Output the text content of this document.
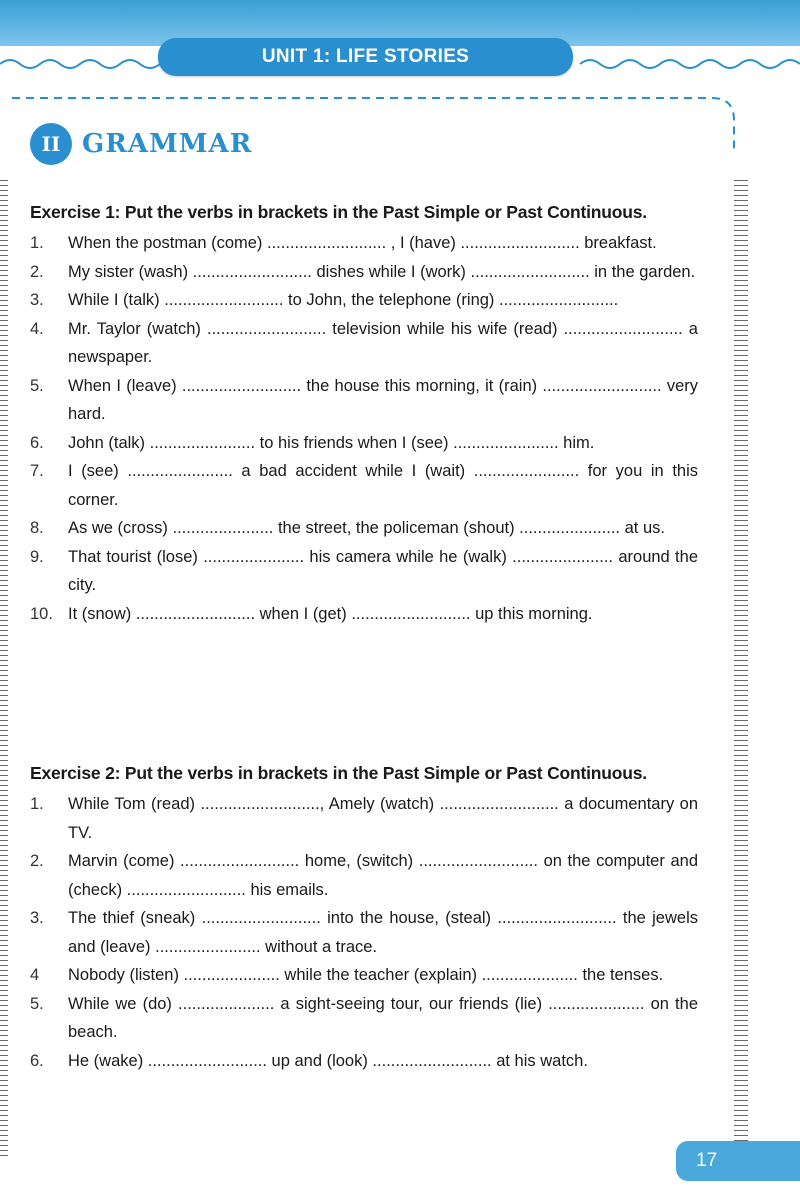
UNIT 1: LIFE STORIES
II GRAMMAR
Exercise 1: Put the verbs in brackets in the Past Simple or Past Continuous.
1.	When the postman (come) .......................... , I (have) .......................... breakfast.
2.	My sister (wash) .......................... dishes while I (work) .......................... in the garden.
3.	While I (talk) .......................... to John, the telephone (ring) ..........................
4.	Mr. Taylor (watch) .......................... television while his wife (read) .......................... a newspaper.
5.	When I (leave) .......................... the house this morning, it (rain) .......................... very hard.
6.	John (talk) ....................... to his friends when I (see) ....................... him.
7.	I (see) ....................... a bad accident while I (wait) ....................... for you in this corner.
8.	As we (cross) ...................... the street, the policeman (shout) ...................... at us.
9.	That tourist (lose) ...................... his camera while he (walk) ...................... around the city.
10. It (snow) .......................... when I (get) .......................... up this morning.
Exercise 2: Put the verbs in brackets in the Past Simple or Past Continuous.
1.	While Tom (read) .........................., Amely (watch) .......................... a documentary on TV.
2.	Marvin (come) .......................... home, (switch) .......................... on the computer and (check) .......................... his emails.
3.	The thief (sneak) .......................... into the house, (steal) .......................... the jewels and (leave) ....................... without a trace.
4	Nobody (listen) ..................... while the teacher (explain) ..................... the tenses.
5.	While we (do) ..................... a sight-seeing tour, our friends (lie) ..................... on the beach.
6.	He (wake) .......................... up and (look) .......................... at his watch.
17
